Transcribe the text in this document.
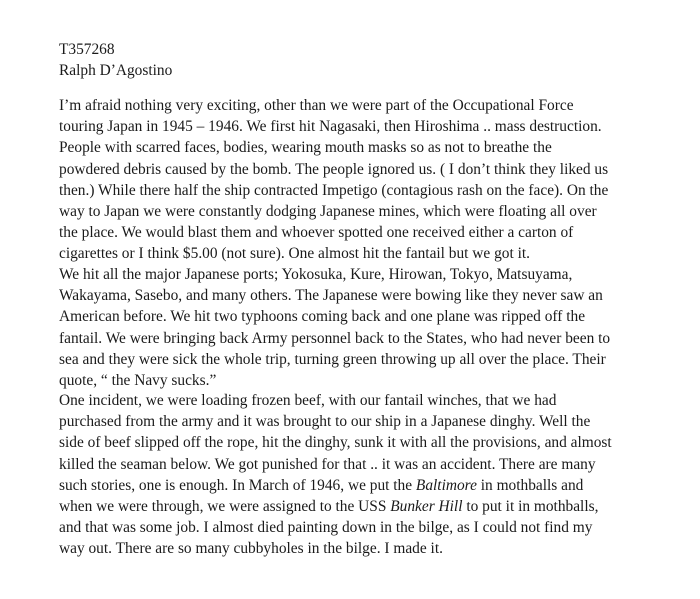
T357268
Ralph D’Agostino
I’m afraid nothing very exciting, other than we were part of the Occupational Force
touring Japan in 1945 – 1946. We first hit Nagasaki, then Hiroshima .. mass destruction.
People with scarred faces, bodies, wearing mouth masks so as not to breathe the
powdered debris caused by the bomb. The people ignored us. ( I don’t think they liked us
then.) While there half the ship contracted Impetigo (contagious rash on the face). On the
way to Japan we were constantly dodging Japanese mines, which were floating all over
the place. We would blast them and whoever spotted one received either a carton of
cigarettes or I think $5.00 (not sure). One almost hit the fantail but we got it.
We hit all the major Japanese ports; Yokosuka, Kure, Hirowan, Tokyo, Matsuyama,
Wakayama, Sasebo, and many others. The Japanese were bowing like they never saw an
American before. We hit two typhoons coming back and one plane was ripped off the
fantail. We were bringing back Army personnel back to the States, who had never been to
sea and they were sick the whole trip, turning green throwing up all over the place. Their
quote, “ the Navy sucks.”
One incident, we were loading frozen beef, with our fantail winches, that we had
purchased from the army and it was brought to our ship in a Japanese dinghy. Well the
side of beef slipped off the rope, hit the dinghy, sunk it with all the provisions, and almost
killed the seaman below. We got punished for that .. it was an accident. There are many
such stories, one is enough. In March of 1946, we put the Baltimore in mothballs and
when we were through, we were assigned to the USS Bunker Hill to put it in mothballs,
and that was some job. I almost died painting down in the bilge, as I could not find my
way out. There are so many cubbyholes in the bilge. I made it.
